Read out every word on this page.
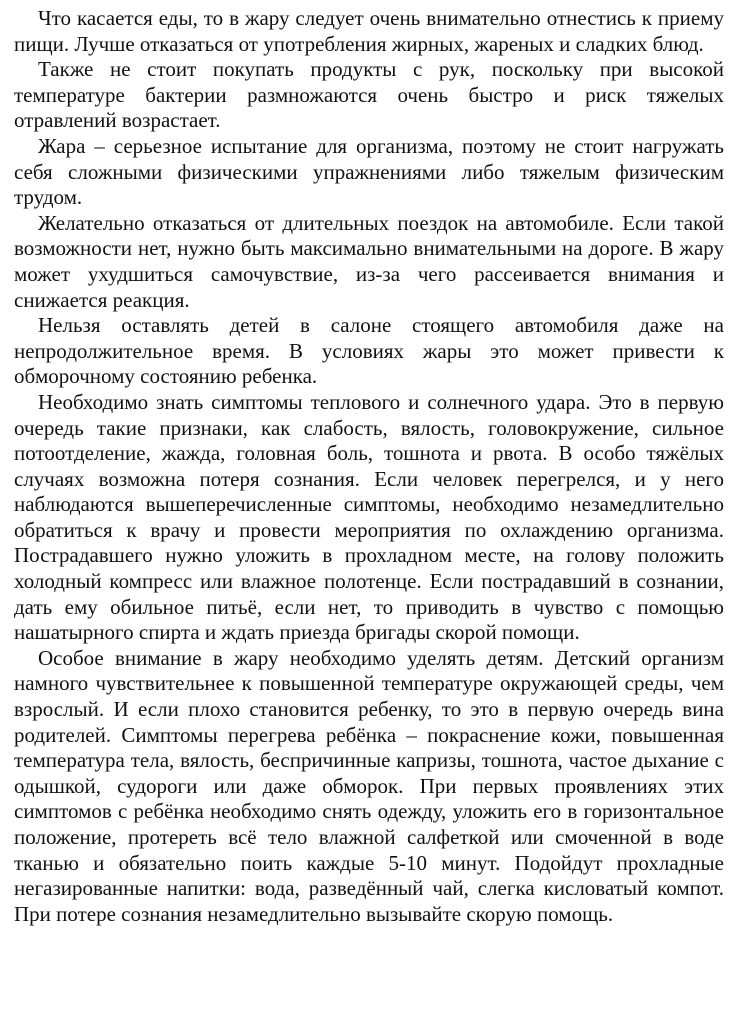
Что касается еды, то в жару следует очень внимательно отнестись к приему пищи. Лучше отказаться от употребления жирных, жареных и сладких блюд.

Также не стоит покупать продукты с рук, поскольку при высокой температуре бактерии размножаются очень быстро и риск тяжелых отравлений возрастает.

Жара – серьезное испытание для организма, поэтому не стоит нагружать себя сложными физическими упражнениями либо тяжелым физическим трудом.

Желательно отказаться от длительных поездок на автомобиле. Если такой возможности нет, нужно быть максимально внимательными на дороге. В жару может ухудшиться самочувствие, из-за чего рассеивается внимания и снижается реакция.

Нельзя оставлять детей в салоне стоящего автомобиля даже на непродолжительное время. В условиях жары это может привести к обморочному состоянию ребенка.

Необходимо знать симптомы теплового и солнечного удара. Это в первую очередь такие признаки, как слабость, вялость, головокружение, сильное потоотделение, жажда, головная боль, тошнота и рвота. В особо тяжёлых случаях возможна потеря сознания. Если человек перегрелся, и у него наблюдаются вышеперечисленные симптомы, необходимо незамедлительно обратиться к врачу и провести мероприятия по охлаждению организма. Пострадавшего нужно уложить в прохладном месте, на голову положить холодный компресс или влажное полотенце. Если пострадавший в сознании, дать ему обильное питьё, если нет, то приводить в чувство с помощью нашатырного спирта и ждать приезда бригады скорой помощи.

Особое внимание в жару необходимо уделять детям. Детский организм намного чувствительнее к повышенной температуре окружающей среды, чем взрослый. И если плохо становится ребенку, то это в первую очередь вина родителей. Симптомы перегрева ребёнка – покраснение кожи, повышенная температура тела, вялость, беспричинные капризы, тошнота, частое дыхание с одышкой, судороги или даже обморок. При первых проявлениях этих симптомов с ребёнка необходимо снять одежду, уложить его в горизонтальное положение, протереть всё тело влажной салфеткой или смоченной в воде тканью и обязательно поить каждые 5-10 минут. Подойдут прохладные негазированные напитки: вода, разведённый чай, слегка кисловатый компот. При потере сознания незамедлительно вызывайте скорую помощь.
